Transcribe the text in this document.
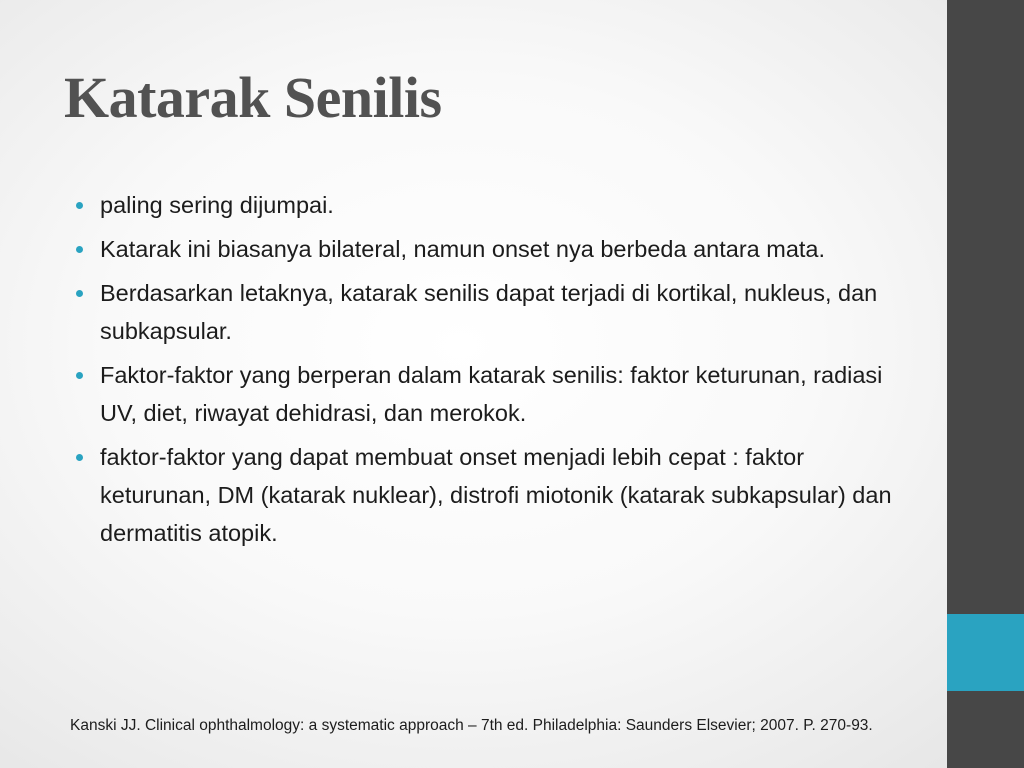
Katarak Senilis
paling sering dijumpai.
Katarak ini biasanya bilateral, namun onset nya berbeda antara mata.
Berdasarkan letaknya, katarak senilis dapat terjadi di kortikal, nukleus, dan subkapsular.
Faktor-faktor yang berperan dalam katarak senilis: faktor keturunan, radiasi UV, diet, riwayat dehidrasi, dan merokok.
faktor-faktor yang dapat membuat onset menjadi lebih cepat : faktor keturunan, DM (katarak nuklear), distrofi miotonik (katarak subkapsular) dan dermatitis atopik.

Kanski JJ. Clinical ophthalmology: a systematic approach – 7th ed. Philadelphia: Saunders Elsevier; 2007. P. 270-93.
